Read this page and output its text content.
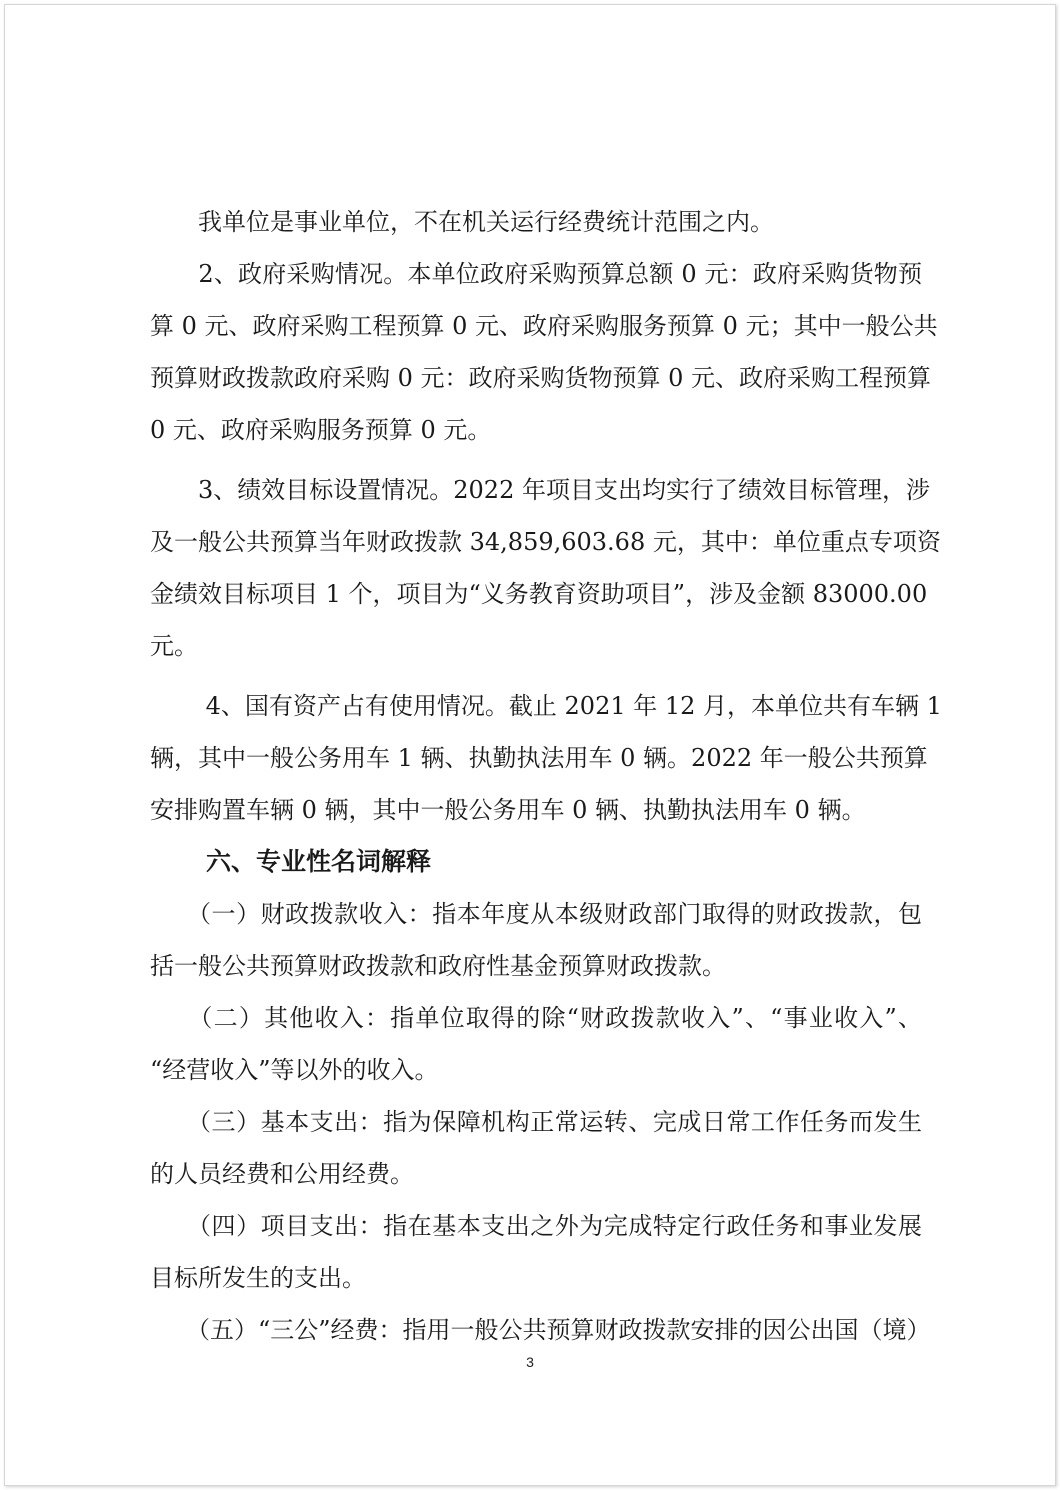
　　我单位是事业单位，不在机关运行经费统计范围之内。
　　2、政府采购情况。本单位政府采购预算总额 0 元：政府采购货物预
算 0 元、政府采购工程预算 0 元、政府采购服务预算 0 元；其中一般公共
预算财政拨款政府采购 0 元：政府采购货物预算 0 元、政府采购工程预算
0 元、政府采购服务预算 0 元。
　　3、绩效目标设置情况。2022 年项目支出均实行了绩效目标管理，涉
及一般公共预算当年财政拨款 34,859,603.68 元，其中：单位重点专项资
金绩效目标项目 1 个，项目为“义务教育资助项目”，涉及金额 83000.00
元。
　　 4、国有资产占有使用情况。截止 2021 年 12 月，本单位共有车辆 1
辆，其中一般公务用车 1 辆、执勤执法用车 0 辆。2022 年一般公共预算
安排购置车辆 0 辆，其中一般公务用车 0 辆、执勤执法用车 0 辆。
六、专业性名词解释
　　（一）财政拨款收入：指本年度从本级财政部门取得的财政拨款，包
括一般公共预算财政拨款和政府性基金预算财政拨款。
　　（二）其他收入：指单位取得的除“财政拨款收入”、“事业收入”、
“经营收入”等以外的收入。
　　（三）基本支出：指为保障机构正常运转、完成日常工作任务而发生
的人员经费和公用经费。
　　（四）项目支出：指在基本支出之外为完成特定行政任务和事业发展
目标所发生的支出。
　　（五）“三公”经费：指用一般公共预算财政拨款安排的因公出国（境）
3
